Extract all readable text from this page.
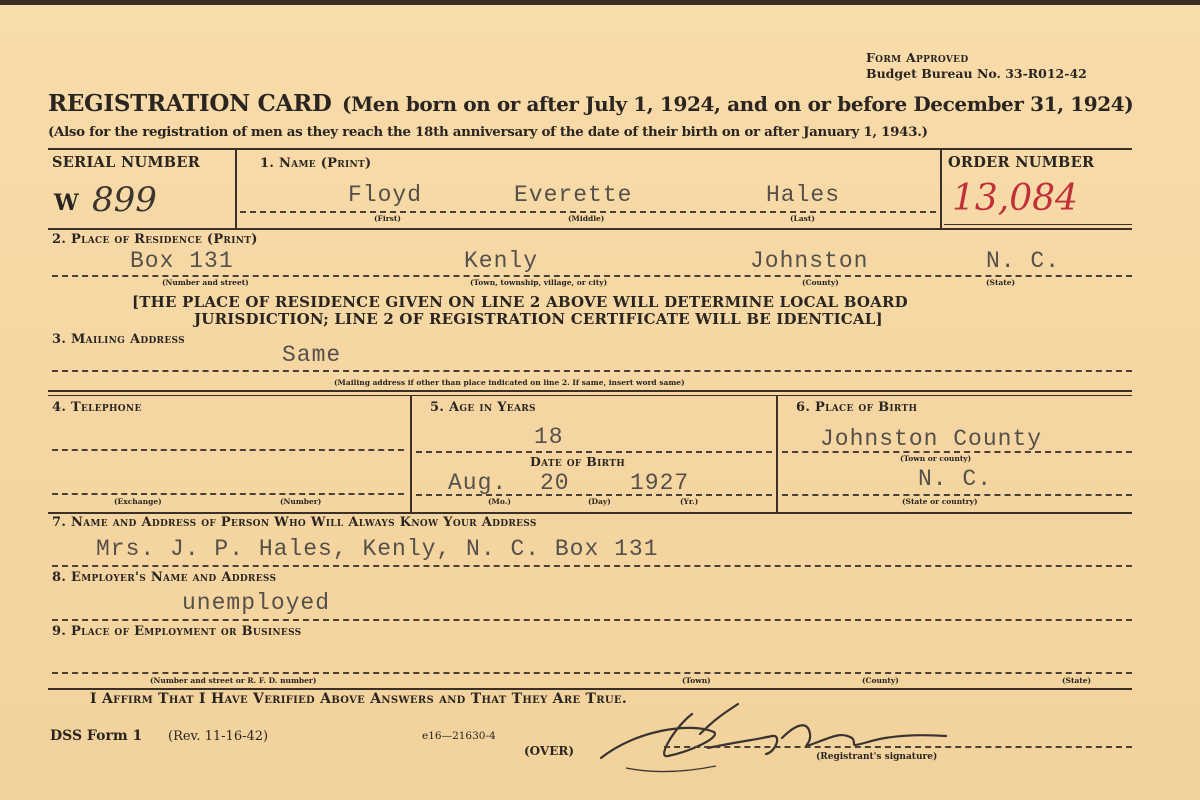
Form Approved
Budget Bureau No. 33-R012-42
REGISTRATION CARD (Men born on or after July 1, 1924, and on or before December 31, 1924)
(Also for the registration of men as they reach the 18th anniversary of the date of their birth on or after January 1, 1943.)
SERIAL NUMBER
W 899
1. Name (Print)
Floyd	Everette	Hales
(First)	(Middle)	(Last)
ORDER NUMBER
13,084
2. Place of Residence (Print)
Box 131	Kenly	Johnston	N. C.
(Number and street)	(Town, township, village, or city)	(County)	(State)
[THE PLACE OF RESIDENCE GIVEN ON LINE 2 ABOVE WILL DETERMINE LOCAL BOARD
JURISDICTION; LINE 2 OF REGISTRATION CERTIFICATE WILL BE IDENTICAL]
3. Mailing Address
Same
(Mailing address if other than place indicated on line 2. If same, insert word same)
4. Telephone
(Exchange)	(Number)
5. Age in Years
18
Date of Birth
Aug. 20	1927
(Mo.)	(Day)	(Yr.)
6. Place of Birth
Johnston County
(Town or county)
N. C.
(State or country)
7. Name and Address of Person Who Will Always Know Your Address
Mrs. J. P. Hales, Kenly, N. C. Box 131
8. Employer's Name and Address
unemployed
9. Place of Employment or Business
(Number and street or R. F. D. number)	(Town)	(County)	(State)
I Affirm That I Have Verified Above Answers and That They Are True.
DSS Form 1 (Rev. 11-16-42)	e16—21630-4
(OVER)	(Registrant's signature)
